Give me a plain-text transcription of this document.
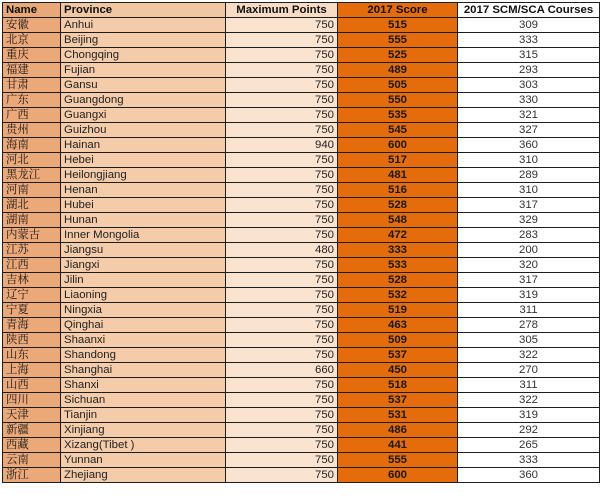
Name	Province	Maximum Points	2017 Score	2017 SCM/SCA Courses
安徽	Anhui	750	515	309
北京	Beijing	750	555	333
重庆	Chongqing	750	525	315
福建	Fujian	750	489	293
甘肃	Gansu	750	505	303
广东	Guangdong	750	550	330
广西	Guangxi	750	535	321
贵州	Guizhou	750	545	327
海南	Hainan	940	600	360
河北	Hebei	750	517	310
黑龙江	Heilongjiang	750	481	289
河南	Henan	750	516	310
湖北	Hubei	750	528	317
湖南	Hunan	750	548	329
内蒙古	Inner Mongolia	750	472	283
江苏	Jiangsu	480	333	200
江西	Jiangxi	750	533	320
吉林	Jilin	750	528	317
辽宁	Liaoning	750	532	319
宁夏	Ningxia	750	519	311
青海	Qinghai	750	463	278
陕西	Shaanxi	750	509	305
山东	Shandong	750	537	322
上海	Shanghai	660	450	270
山西	Shanxi	750	518	311
四川	Sichuan	750	537	322
天津	Tianjin	750	531	319
新疆	Xinjiang	750	486	292
西藏	Xizang(Tibet )	750	441	265
云南	Yunnan	750	555	333
浙江	Zhejiang	750	600	360
